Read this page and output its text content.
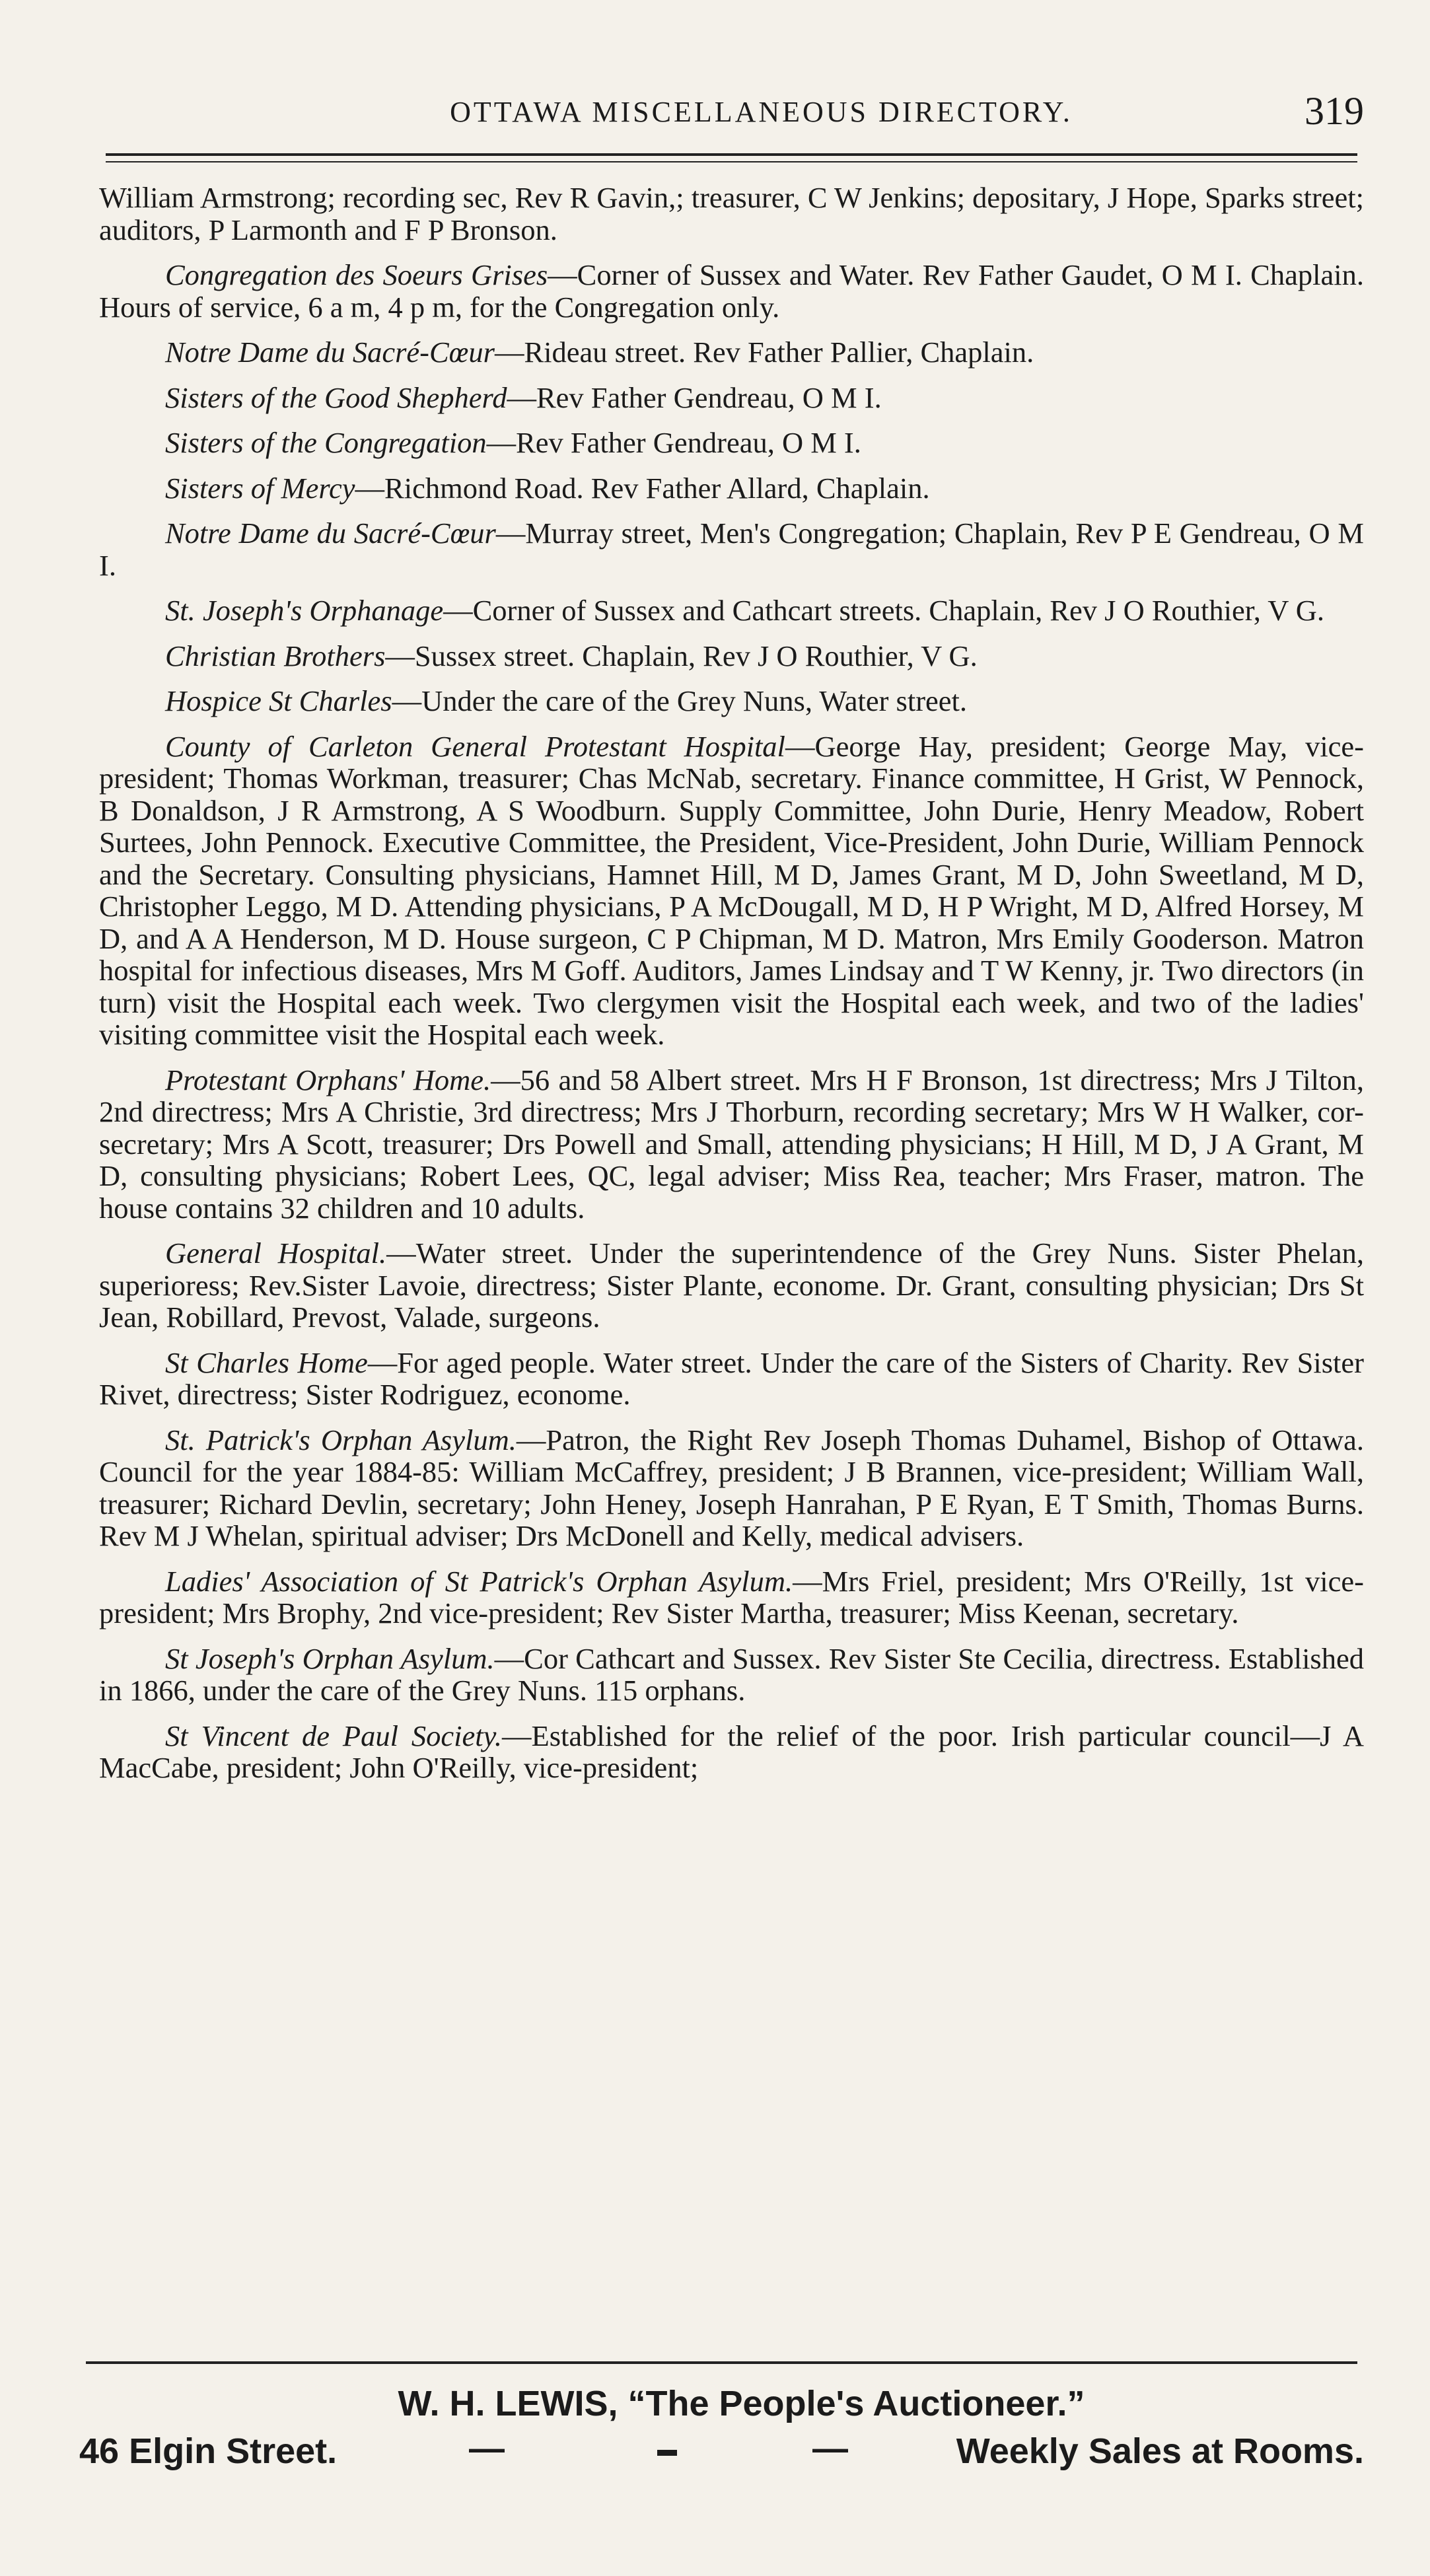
OTTAWA MISCELLANEOUS DIRECTORY.	319

William Armstrong; recording sec, Rev R Gavin,; treasurer, C W Jenkins; depositary, J Hope, Sparks street; auditors, P Larmonth and F P Bronson.

Congregation des Soeurs Grises—Corner of Sussex and Water. Rev Father Gaudet, O M I. Chaplain. Hours of service, 6 a m, 4 p m, for the Congregation only.

Notre Dame du Sacré-Cœur—Rideau street. Rev Father Pallier, Chaplain.

Sisters of the Good Shepherd—Rev Father Gendreau, O M I.

Sisters of the Congregation—Rev Father Gendreau, O M I.

Sisters of Mercy—Richmond Road. Rev Father Allard, Chaplain.

Notre Dame du Sacré-Cœur—Murray street, Men's Congregation; Chaplain, Rev P E Gendreau, O M I.

St. Joseph's Orphanage—Corner of Sussex and Cathcart streets. Chaplain, Rev J O Routhier, V G.

Christian Brothers—Sussex street. Chaplain, Rev J O Routhier, V G.

Hospice St Charles—Under the care of the Grey Nuns, Water street.

County of Carleton General Protestant Hospital—George Hay, president; George May, vice-president; Thomas Workman, treasurer; Chas McNab, secretary. Finance committee, H Grist, W Pennock, B Donaldson, J R Armstrong, A S Woodburn. Supply Committee, John Durie, Henry Meadow, Robert Surtees, John Pennock. Executive Committee, the President, Vice-President, John Durie, William Pennock and the Secretary. Consulting physicians, Hamnet Hill, M D, James Grant, M D, John Sweetland, M D, Christopher Leggo, M D. Attending physicians, P A McDougall, M D, H P Wright, M D, Alfred Horsey, M D, and A A Henderson, M D. House surgeon, C P Chipman, M D. Matron, Mrs Emily Gooderson. Matron hospital for infectious diseases, Mrs M Goff. Auditors, James Lindsay and T W Kenny, jr. Two directors (in turn) visit the Hospital each week. Two clergymen visit the Hospital each week, and two of the ladies' visiting committee visit the Hospital each week.

Protestant Orphans' Home.—56 and 58 Albert street. Mrs H F Bronson, 1st directress; Mrs J Tilton, 2nd directress; Mrs A Christie, 3rd directress; Mrs J Thorburn, recording secretary; Mrs W H Walker, cor-secretary; Mrs A Scott, treasurer; Drs Powell and Small, attending physicians; H Hill, M D, J A Grant, M D, consulting physicians; Robert Lees, QC, legal adviser; Miss Rea, teacher; Mrs Fraser, matron. The house contains 32 children and 10 adults.

General Hospital.—Water street. Under the superintendence of the Grey Nuns. Sister Phelan, superioress; Rev.Sister Lavoie, directress; Sister Plante, econome. Dr. Grant, consulting physician; Drs St Jean, Robillard, Prevost, Valade, surgeons.

St Charles Home—For aged people. Water street. Under the care of the Sisters of Charity. Rev Sister Rivet, directress; Sister Rodriguez, econome.

St. Patrick's Orphan Asylum.—Patron, the Right Rev Joseph Thomas Duhamel, Bishop of Ottawa. Council for the year 1884-85: William McCaffrey, president; J B Brannen, vice-president; William Wall, treasurer; Richard Devlin, secretary; John Heney, Joseph Hanrahan, P E Ryan, E T Smith, Thomas Burns. Rev M J Whelan, spiritual adviser; Drs McDonell and Kelly, medical advisers.

Ladies' Association of St Patrick's Orphan Asylum.—Mrs Friel, president; Mrs O'Reilly, 1st vice-president; Mrs Brophy, 2nd vice-president; Rev Sister Martha, treasurer; Miss Keenan, secretary.

St Joseph's Orphan Asylum.—Cor Cathcart and Sussex. Rev Sister Ste Cecilia, directress. Established in 1866, under the care of the Grey Nuns. 115 orphans.

St Vincent de Paul Society.—Established for the relief of the poor. Irish particular council—J A MacCabe, president; John O'Reilly, vice-president;

W. H. LEWIS, “The People's Auctioneer.”
46 Elgin Street.	—	▬	—	Weekly Sales at Rooms.
